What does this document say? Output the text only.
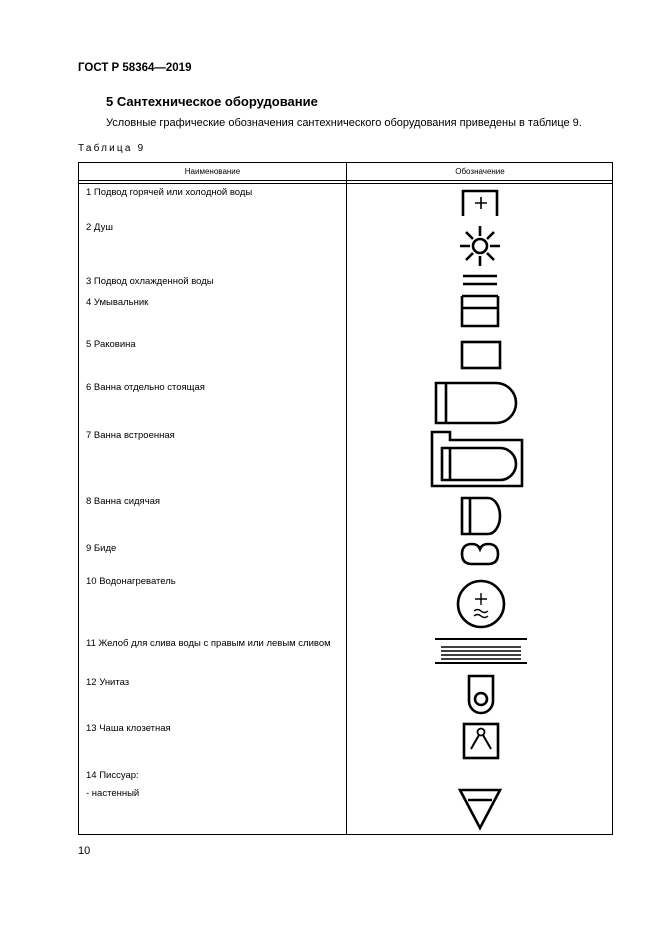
ГОСТ Р 58364—2019
5 Сантехническое оборудование
Условные графические обозначения сантехнического оборудования приведены в таблице 9.
Таблица 9
Наименование	Обозначение
1 Подвод горячей или холодной воды
2 Душ
3 Подвод охлажденной воды
4 Умывальник
5 Раковина
6 Ванна отдельно стоящая
7 Ванна встроенная
8 Ванна сидячая
9 Биде
10 Водонагреватель
11 Желоб для слива воды с правым или левым сливом
12 Унитаз
13 Чаша клозетная
14 Писсуар:
- настенный
10
